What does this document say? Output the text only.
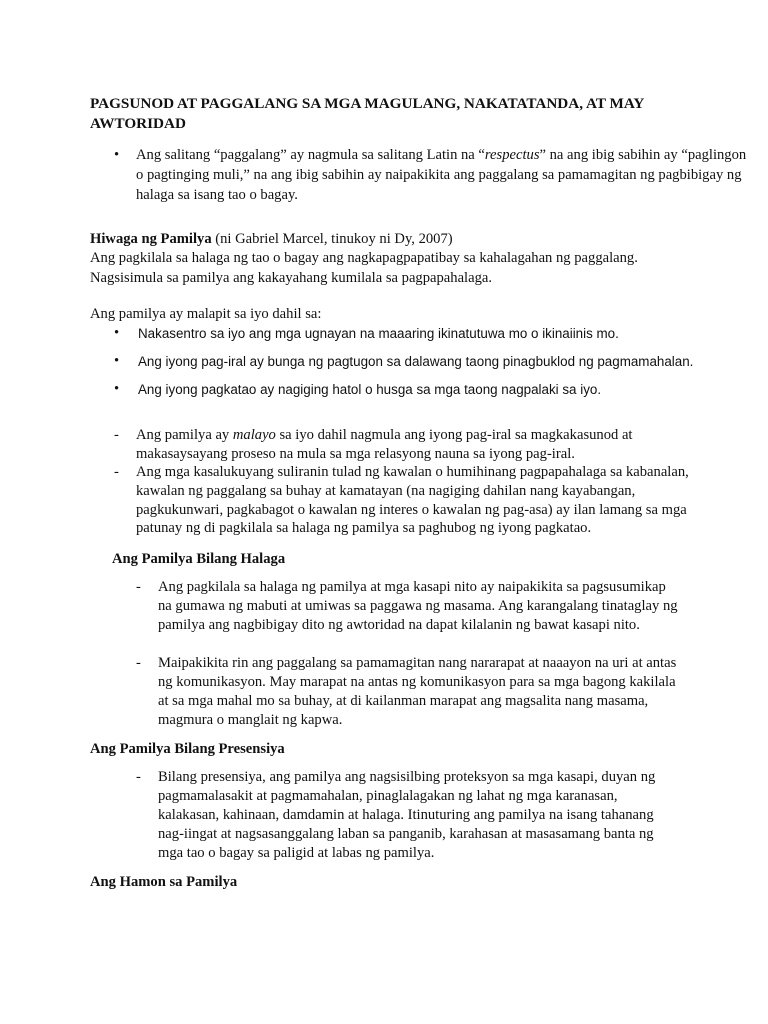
PAGSUNOD AT PAGGALANG SA MGA MAGULANG, NAKATATANDA, AT MAY AWTORIDAD
• Ang salitang “paggalang” ay nagmula sa salitang Latin na “respectus” na ang ibig sabihin ay “paglingon o pagtinging muli,” na ang ibig sabihin ay naipakikita ang paggalang sa pamamagitan ng pagbibigay ng halaga sa isang tao o bagay.
Hiwaga ng Pamilya (ni Gabriel Marcel, tinukoy ni Dy, 2007)

Ang pagkilala sa halaga ng tao o bagay ang nagkapagpapatibay sa kahalagahan ng paggalang. Nagsisimula sa pamilya ang kakayahang kumilala sa pagpapahalaga.

Ang pamilya ay malapit sa iyo dahil sa:

• Nakasentro sa iyo ang mga ugnayan na maaaring ikinatutuwa mo o ikinaiinis mo.
• Ang iyong pag-iral ay bunga ng pagtugon sa dalawang taong pinagbuklod ng pagmamahalan.
• Ang iyong pagkatao ay nagiging hatol o husga sa mga taong nagpalaki sa iyo.
- Ang pamilya ay malayo sa iyo dahil nagmula ang iyong pag-iral sa magkakasunod at makasaysayang proseso na mula sa mga relasyong nauna sa iyong pag-iral.
- Ang mga kasalukuyang suliranin tulad ng kawalan o humihinang pagpapahalaga sa kabanalan, kawalan ng paggalang sa buhay at kamatayan (na nagiging dahilan nang kayabangan, pagkukunwari, pagkabagot o kawalan ng interes o kawalan ng pag-asa) ay ilan lamang sa mga patunay ng di pagkilala sa halaga ng pamilya sa paghubog ng iyong pagkatao.
Ang Pamilya Bilang Halaga
- Ang pagkilala sa halaga ng pamilya at mga kasapi nito ay naipakikita sa pagsusumikap na gumawa ng mabuti at umiwas sa paggawa ng masama. Ang karangalang tinataglay ng pamilya ang nagbibigay dito ng awtoridad na dapat kilalanin ng bawat kasapi nito.
- Maipakikita rin ang paggalang sa pamamagitan nang nararapat at naaayon na uri at antas ng komunikasyon. May marapat na antas ng komunikasyon para sa mga bagong kakilala at sa mga mahal mo sa buhay, at di kailanman marapat ang magsalita nang masama, magmura o manglait ng kapwa.
Ang Pamilya Bilang Presensiya
- Bilang presensiya, ang pamilya ang nagsisilbing proteksyon sa mga kasapi, duyan ng pagmamalasakit at pagmamahalan, pinaglalagakan ng lahat ng mga karanasan, kalakasan, kahinaan, damdamin at halaga. Itinuturing ang pamilya na isang tahanang nag-iingat at nagsasanggalang laban sa panganib, karahasan at masasamang banta ng mga tao o bagay sa paligid at labas ng pamilya.
Ang Hamon sa Pamilya
